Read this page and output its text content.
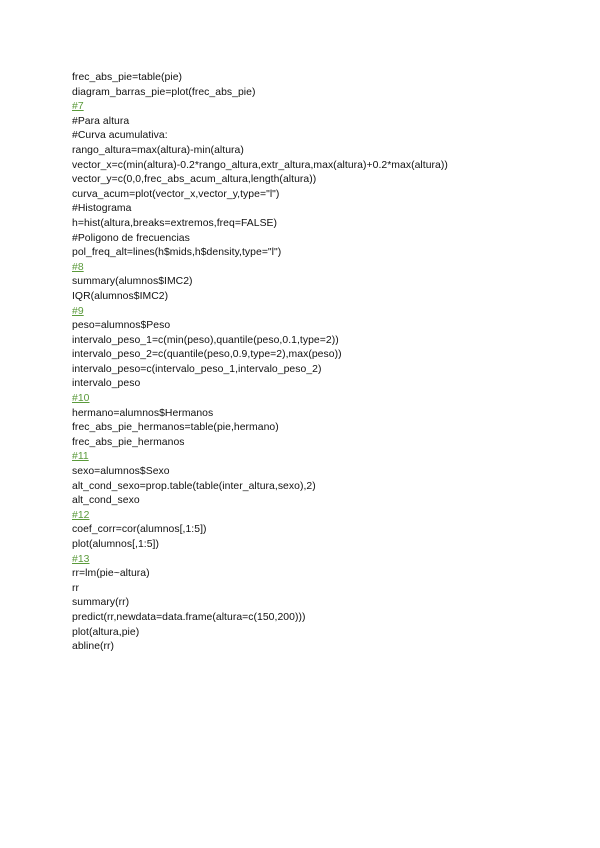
frec_abs_pie=table(pie)
diagram_barras_pie=plot(frec_abs_pie)
#7
#Para altura
#Curva acumulativa:
rango_altura=max(altura)-min(altura)
vector_x=c(min(altura)-0.2*rango_altura,extr_altura,max(altura)+0.2*max(altura))
vector_y=c(0,0,frec_abs_acum_altura,length(altura))
curva_acum=plot(vector_x,vector_y,type="l")
#Histograma
h=hist(altura,breaks=extremos,freq=FALSE)
#Poligono de frecuencias
pol_freq_alt=lines(h$mids,h$density,type="l")
#8
summary(alumnos$IMC2)
IQR(alumnos$IMC2)
#9
peso=alumnos$Peso
intervalo_peso_1=c(min(peso),quantile(peso,0.1,type=2))
intervalo_peso_2=c(quantile(peso,0.9,type=2),max(peso))
intervalo_peso=c(intervalo_peso_1,intervalo_peso_2)
intervalo_peso
#10
hermano=alumnos$Hermanos
frec_abs_pie_hermanos=table(pie,hermano)
frec_abs_pie_hermanos
#11
sexo=alumnos$Sexo
alt_cond_sexo=prop.table(table(inter_altura,sexo),2)
alt_cond_sexo
#12
coef_corr=cor(alumnos[,1:5])
plot(alumnos[,1:5])
#13
rr=lm(pie~altura)
rr
summary(rr)
predict(rr,newdata=data.frame(altura=c(150,200)))
plot(altura,pie)
abline(rr)
